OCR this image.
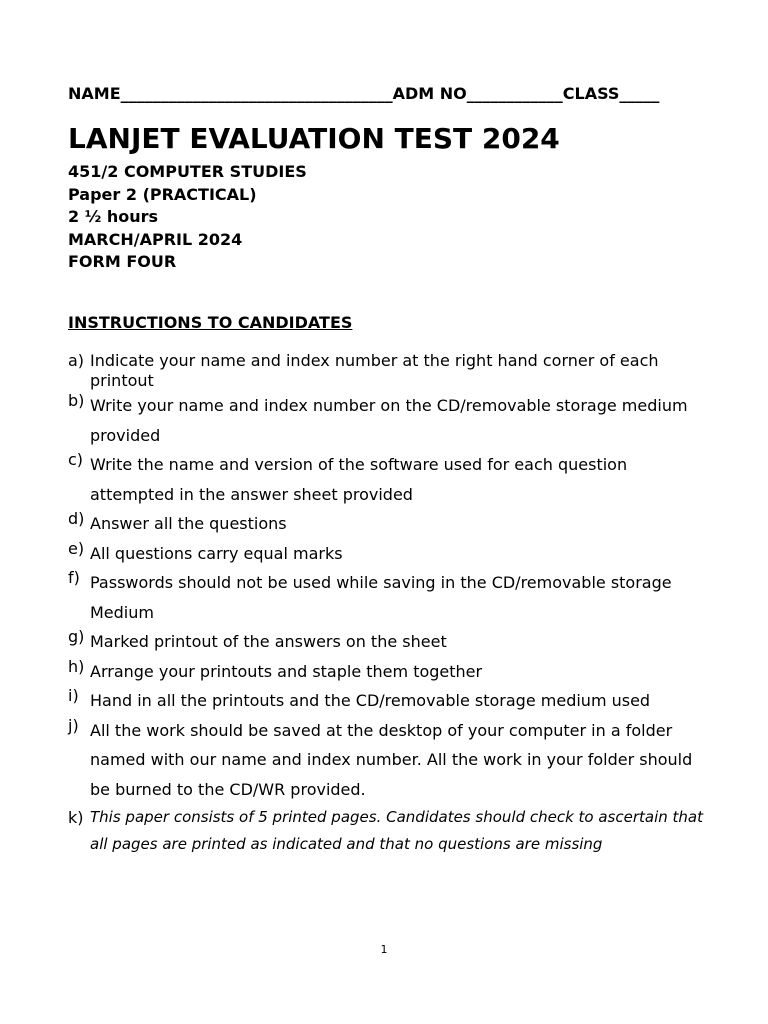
NAME__________________________________ADM NO____________CLASS_____
LANJET EVALUATION TEST 2024
451/2 COMPUTER STUDIES
Paper 2 (PRACTICAL)
2 ½ hours
MARCH/APRIL 2024
FORM FOUR
INSTRUCTIONS TO CANDIDATES
a) Indicate your name and index number at the right hand corner of each printout
b) Write your name and index number on the CD/removable storage medium provided
c) Write the name and version of the software used for each question attempted in the answer sheet provided
d) Answer all the questions
e) All questions carry equal marks
f) Passwords should not be used while saving in the CD/removable storage Medium
g) Marked printout of the answers on the sheet
h) Arrange your printouts and staple them together
i) Hand in all the printouts and the CD/removable storage medium used
j) All the work should be saved at the desktop of your computer in a folder named with our name and index number. All the work in your folder should be burned to the CD/WR provided.
k) This paper consists of 5 printed pages. Candidates should check to ascertain that all pages are printed as indicated and that no questions are missing
1
